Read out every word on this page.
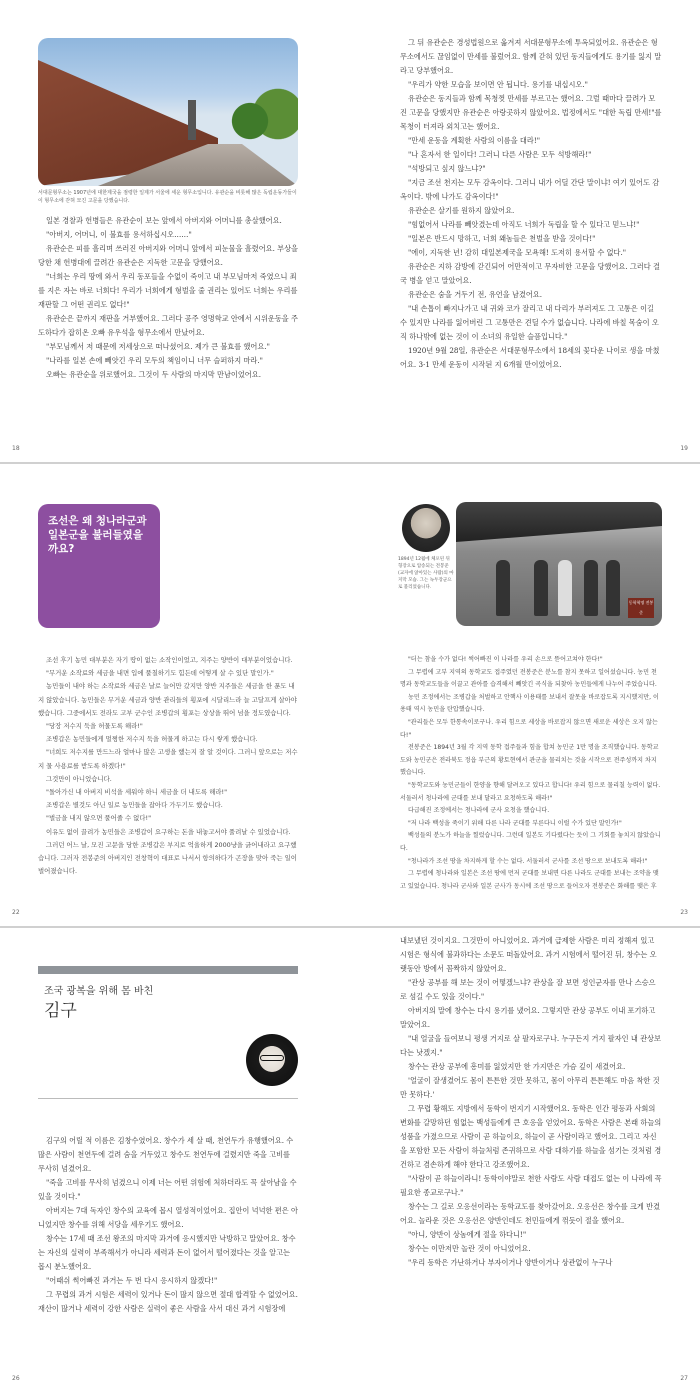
서대문형무소는 1907년에 대한제국을 점령한 일제가 서울에 세운 형무소입니다. 유관순을 비롯해 많은 독립운동가들이 이 형무소에 갇혀 모진 고문을 당했습니다.

일본 경찰과 헌병들은 유관순이 보는 앞에서 아버지와 어머니를 총살했어요.

"아버지, 어머니, 이 불효를 용서하십시오……"

유관순은 피를 흘리며 쓰러진 아버지와 어머니 앞에서 피눈물을 흘렸어요. 부상을 당한 채 헌병대에 끌려간 유관순은 지독한 고문을 당했어요.

"너희는 우리 땅에 와서 우리 동포들을 수없이 죽이고 내 부모님마저 죽였으니 죄를 지은 자는 바로 너희다! 우리가 너희에게 형벌을 줄 권리는 있어도 너희는 우리를 재판할 그 어떤 권리도 없다!"

유관순은 끝까지 재판을 거부했어요. 그러다 공주 영명학교 안에서 시위운동을 주도하다가 잡히온 오빠 유우석을 형무소에서 만났어요.

"부모님께서 저 때문에 저세상으로 떠나셨어요. 제가 큰 불효를 했어요."

"나라를 일본 손에 빼앗긴 우리 모두의 책임이니 너무 슬퍼하지 마라."

오빠는 유관순을 위로했어요. 그것이 두 사람의 마지막 만남이었어요.

18

그 뒤 유관순은 경성법원으로 옮겨져 서대문형무소에 투옥되었어요. 유관순은 형무소에서도 끊임없이 만세를 불렀어요. 함께 갇혀 있던 동지들에게도 용기를 잃지 말라고 당부했어요.

"우리가 약한 모습을 보이면 안 됩니다. 용기를 내십시오."

유관순은 동지들과 함께 목청껏 만세를 부르고는 했어요. 그럴 때마다 끌려가 모진 고문을 당했지만 유관순은 아랑곳하지 않았어요. 법정에서도 "대한 독립 만세!"를 목청이 터져라 외치고는 했어요.

"만세 운동을 계획한 사람의 이름을 대라!"

"나 혼자서 한 일이다! 그러니 다른 사람은 모두 석방해라!"

"석방되고 싶지 않느냐?"

"지금 조선 천지는 모두 감옥이다. 그러니 내가 어딜 간단 말이냐! 여기 있어도 감옥이다. 밖에 나가도 감옥이다!"

유관순은 살기를 원하지 않았어요.

"힘없어서 나라를 빼앗겼는데 아직도 너희가 독립을 할 수 있다고 믿느냐!"

"일본은 반드시 망하고, 너희 왜놈들은 천벌을 받을 것이다!"

"에이, 지독한 년! 감히 대일본제국을 모욕해! 도저히 용서할 수 없다."

유관순은 지하 감방에 갇긴되어 어만적이고 무자비한 고문을 당했어요. 그러다 결국 병을 얻고 말았어요.

유관순은 숨을 거두기 전, 유언을 남겼어요.

"내 손톱이 빠지나가고 내 귀와 코가 잘리고 내 다리가 부러져도 그 고통은 이길 수 있지만 나라를 잃어버린 그 고통만은 견딜 수가 없습니다. 나라에 바칠 목숨이 오직 하나밖에 없는 것이 이 소녀의 유일한 슬픔입니다."

1920년 9월 28일, 유관순은 서대문형무소에서 18세의 꽃다운 나이로 생을 마쳤어요. 3·1 만세 운동이 시작된 지 6개월 만이었어요.

19
조선은 왜 청나라군과 일본군을 불러들였을까요?

조선 후기 농민 대부분은 자기 땅이 없는 소작인이었고, 지주는 양반이 대부분이었습니다.

"무거운 소작료와 세금을 내면 입에 풀칠하기도 힘든데 어떻게 살 수 있단 말인가."

농민들이 내야 하는 소작료와 세금은 날로 늘어만 갔지만 양반 지주들은 세금을 한 푼도 내지 않았습니다. 농민들은 무거운 세금과 양반 관리들의 횡포에 시달리느라 늘 고달프게 살아야 했습니다. 그중에서도 전라도 고부 군수인 조병갑의 횡포는 상상을 뛰어 넘을 정도였습니다.

"당장 저수지 둑을 허물도록 해라!"

조병갑은 농민들에게 멀쩡한 저수지 둑을 허물게 하고는 다시 쌓게 했습니다.

"너희도 저수지를 만드느라 얼마나 많은 고생을 했는지 잘 알 것이다. 그러니 앞으로는 저수지 물 사용료를 받도록 하겠다!"

그것만이 아니었습니다.

"돌아가신 내 아버지 비석을 세워야 하니 세금을 더 내도록 해라!"

조병갑은 별것도 아닌 일로 농민들을 잡아다 가두기도 했습니다.

"벌금을 내지 않으면 풀어줄 수 없다!"

이유도 없이 끌려가 농민들은 조병갑이 요구하는 돈을 내놓고서야 풀려날 수 있었습니다.

그러던 어느 날, 모진 고문을 당한 조병갑은 부지로 억울하게 2000냥을 긁어내라고 요구했습니다. 그러자 전봉준의 아버지인 전창혁이 대표로 나서서 항의하다가 곤장을 맞아 죽는 일이 벌어졌습니다.

22
1894년 12월에 체포된 뒤 형장으로 압송되는 전봉준 (교자에 앉아있는 사람)의 마지막 모습. 그는 녹두장군으로 불리었습니다.
동학혁명 전봉준

"더는 참을 수가 없다! 썩어빠진 이 나라를 우리 손으로 뜯어고쳐야 한다!"

그 무렵에 고부 지역의 동학교도 접주였던 전봉준은 분노를 참지 못하고 일어섰습니다. 농민 천 명과 동학교도들을 이끌고 관아를 습격해서 빼앗긴 곡식을 되찾아 농민들에게 나누어 주었습니다.

농민 조정에서는 조병갑을 처벌하고 안핵사 이용태를 보내서 잘못을 바로잡도록 지시했지만, 이용태 역시 농민을 탄압했습니다.

"관리들은 모두 한통속이로구나. 우리 힘으로 세상을 바로잡지 않으면 새로운 세상은 오지 않는다!"

전봉준은 1894년 3월 각 지역 동학 접주들과 힘을 합쳐 농민군 1만 명을 조직했습니다. 동학교도와 농민군은 전라북도 정읍 부근의 황토현에서 관군을 물리치는 것을 시작으로 전주성까지 차지했습니다.

"동학교도와 농민군들이 한양을 향해 달려오고 있다고 합니다! 우리 힘으로 물리칠 능력이 없다. 서둘러서 청나라에 군대를 보내 달라고 요청하도록 해라!"

다급해진 조정에서는 청나라에 군사 요청을 했습니다.

"저 나라 백성을 죽이기 위해 다른 나라 군대를 부른다니 이럴 수가 있단 말인가!"

백성들의 분노가 하늘을 찔렀습니다. 그런데 일본도 기다렸다는 듯이 그 기회를 놓치지 않았습니다.

"청나라가 조선 땅을 차지하게 할 수는 없다. 서둘러서 군사를 조선 땅으로 보내도록 해라!"

그 무렵에 청나라와 일본은 조선 땅에 먼저 군대를 보내면 다른 나라도 군대를 보내는 조약을 맺고 있었습니다. 청나라 군사와 일본 군사가 동시에 조선 땅으로 들어오자 전봉준은 화해를 맺은 후

23
조국 광복을 위해 몸 바친
김구

김구의 어릴 적 이름은 김창수였어요. 창수가 세 살 때, 천연두가 유행했어요. 수많은 사람이 천연두에 걸려 숨을 거두었고 창수도 천연두에 걸렸지만 죽을 고비를 무사히 넘겼어요.

"죽을 고비를 무사히 넘겼으니 이제 너는 어떤 위험에 처하더라도 꼭 살아남을 수 있을 것이다."

아버지는 7대 독자인 창수의 교육에 몹시 열성적이었어요. 집안이 넉넉한 편은 아니었지만 창수를 위해 서당을 세우기도 했어요.

창수는 17세 때 조선 왕조의 마지막 과거에 응시했지만 낙방하고 말았어요. 창수는 자신의 실력이 부족해서가 아니라 세력과 돈이 없어서 떨어졌다는 것을 알고는 몹시 분노했어요.

"어때쉬 썩어빠진 과거는 두 번 다시 응시하지 않겠다!"

그 무렵의 과거 시험은 세력이 있거나 돈이 많지 않으면 절대 합격할 수 없었어요. 재산이 많거나 세력이 강한 사람은 실력이 좋은 사람을 사서 대신 과거 시험장에

26

내보냈던 것이지요. 그것만이 아니었어요. 과거에 급제한 사람은 미리 정해져 있고 시험은 형식에 불과하다는 소문도 떠돌았어요. 과거 시험에서 떨어진 뒤, 창수는 오랫동안 방에서 꼼짝하지 않았어요.

"관상 공부를 해 보는 것이 어떻겠느냐? 관상을 잘 보면 성인군자를 만나 스승으로 섬길 수도 있을 것이다."

아버지의 말에 창수는 다시 용기를 냈어요. 그렇지만 관상 공부도 이내 포기하고 말았어요.

"내 얼굴을 들여보니 평생 거지로 살 팔자로구나. 누구든지 거지 팔자인 내 관상보다는 낫겠지."

창수는 관상 공부에 흥미를 잃었지만 한 가지만은 가슴 깊이 새겼어요.

'얼굴이 잘생겼어도 몸이 튼튼한 것만 못하고, 몸이 아무리 튼튼해도 마음 착한 것만 못하다.'

그 무렵 황해도 지방에서 동학이 번지기 시작했어요. 동학은 인간 평등과 사회의 변화를 갈망하던 힘없는 백성들에게 큰 호응을 얻었어요. 동학은 사람은 본래 하늘의 성품을 가졌으므로 사람이 곧 하늘이요, 하늘이 곧 사람이라고 했어요. 그리고 자신을 포함한 모든 사람이 하늘처럼 존귀하므로 사람 대하기를 하늘을 섬기는 것처럼 경건하고 겸손하게 해야 한다고 강조했어요.

"사람이 곧 하늘이라니! 동학이야말로 천한 사람도 사람 대접도 없는 이 나라에 꼭 필요한 종교로구나."

창수는 그 길로 오응선이라는 동학교도를 찾아갔어요. 오응선은 창수를 크게 반겼어요. 놀라운 것은 오응선은 양반인데도 천민들에게 꺾듯이 절을 했어요.

"아니, 양반이 상놈에게 절을 하다니!"

창수는 이만저만 놀란 것이 아니었어요.

"우리 동학은 가난하거나 부자이거나 양반이거나 상관없이 누구나

27
